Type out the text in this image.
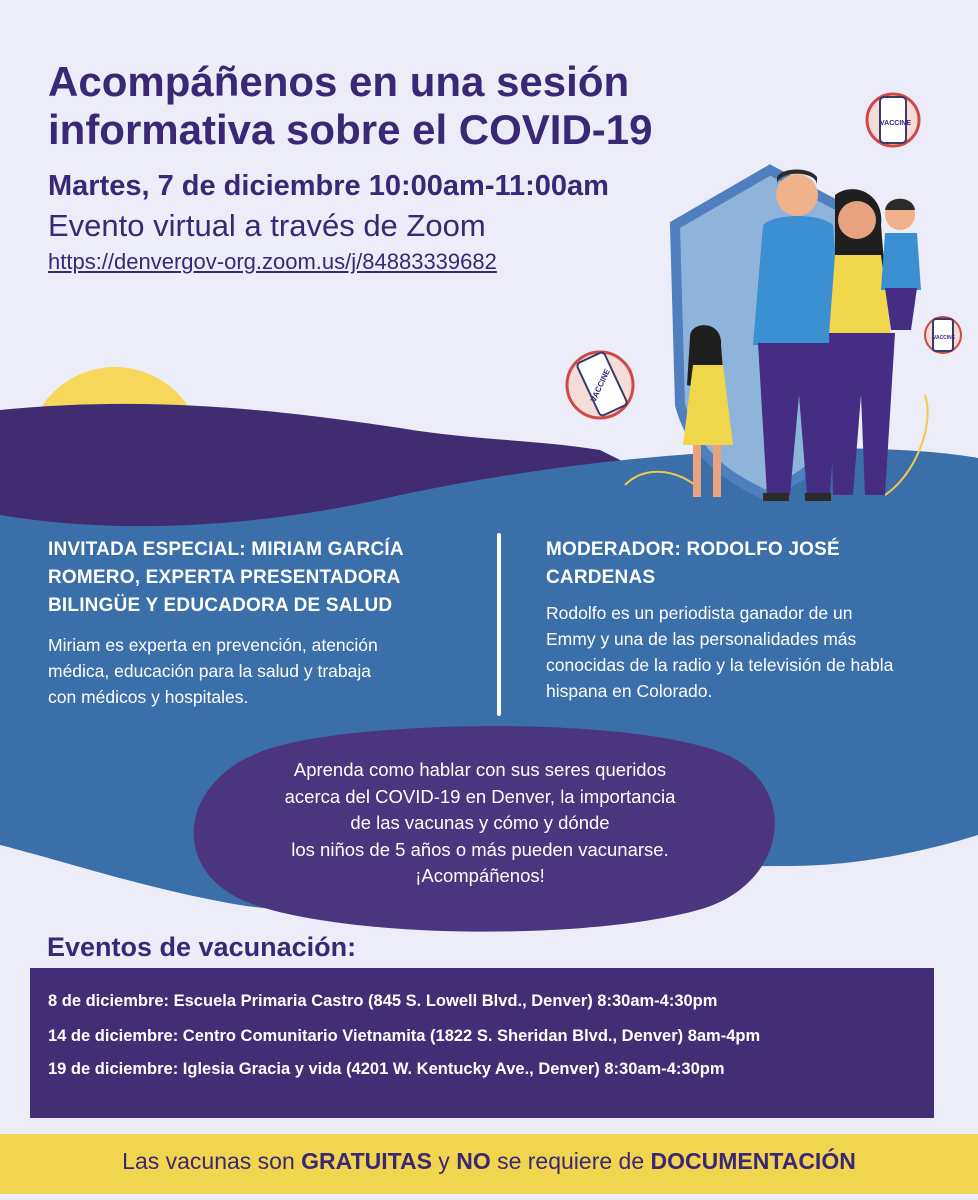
VACCINE
VACCINE
VACCINE
Acompáñenos en una sesión
informativa sobre el COVID-19
Martes, 7 de diciembre 10:00am-11:00am
Evento virtual a través de Zoom
https://denvergov-org.zoom.us/j/84883339682
INVITADA ESPECIAL: MIRIAM GARCÍA
ROMERO, EXPERTA PRESENTADORA
BILINGÜE Y EDUCADORA DE SALUD
Miriam es experta en prevención, atención
médica, educación para la salud y trabaja
con médicos y hospitales.
MODERADOR: RODOLFO JOSÉ
CARDENAS
Rodolfo es un periodista ganador de un
Emmy y una de las personalidades más
conocidas de la radio y la televisión de habla
hispana en Colorado.
Aprenda como hablar con sus seres queridos
acerca del COVID-19 en Denver, la importancia
de las vacunas y cómo y dónde
los niños de 5 años o más pueden vacunarse.
¡Acompáñenos!
Eventos de vacunación:
8 de diciembre: Escuela Primaria Castro (845 S. Lowell Blvd., Denver) 8:30am-4:30pm
14 de diciembre: Centro Comunitario Vietnamita (1822 S. Sheridan Blvd., Denver) 8am-4pm
19 de diciembre: Iglesia Gracia y vida (4201 W. Kentucky Ave., Denver) 8:30am-4:30pm
Las vacunas son GRATUITAS y NO se requiere de DOCUMENTACIÓN
